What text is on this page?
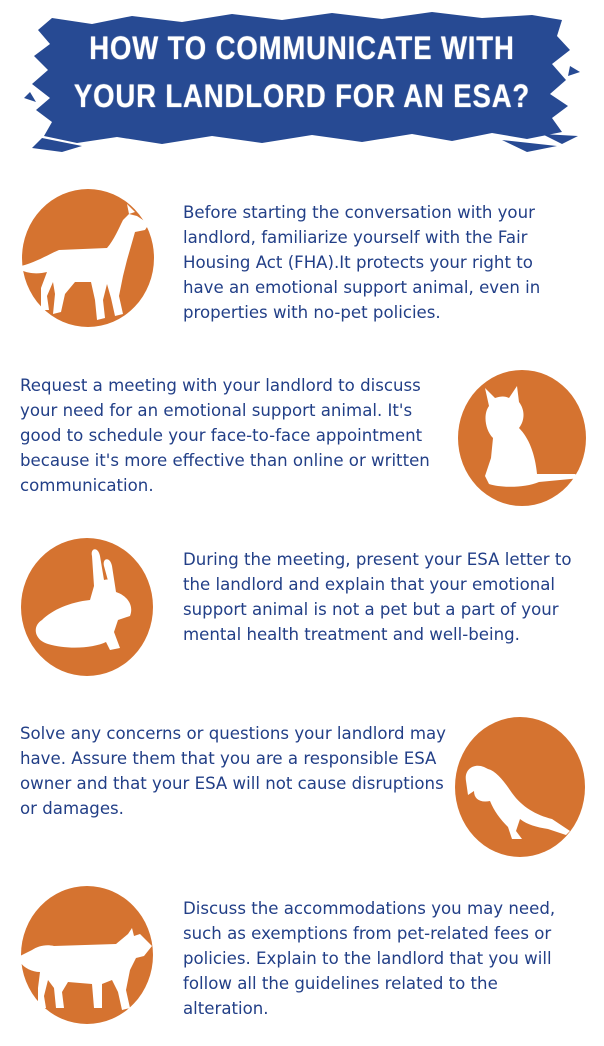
HOW TO COMMUNICATE WITH
YOUR LANDLORD FOR AN ESA?
Before starting the conversation with your landlord, familiarize yourself with the Fair Housing Act (FHA).It protects your right to have an emotional support animal, even in properties with no-pet policies.
Request a meeting with your landlord to discuss your need for an emotional support animal. It's good to schedule your face-to-face appointment because it's more effective than online or written communication.
During the meeting, present your ESA letter to the landlord and explain that your emotional support animal is not a pet but a part of your mental health treatment and well-being.
Solve any concerns or questions your landlord may have. Assure them that you are a responsible ESA owner and that your ESA will not cause disruptions or damages.
Discuss the accommodations you may need, such as exemptions from pet-related fees or policies. Explain to the landlord that you will follow all the guidelines related to the alteration.
